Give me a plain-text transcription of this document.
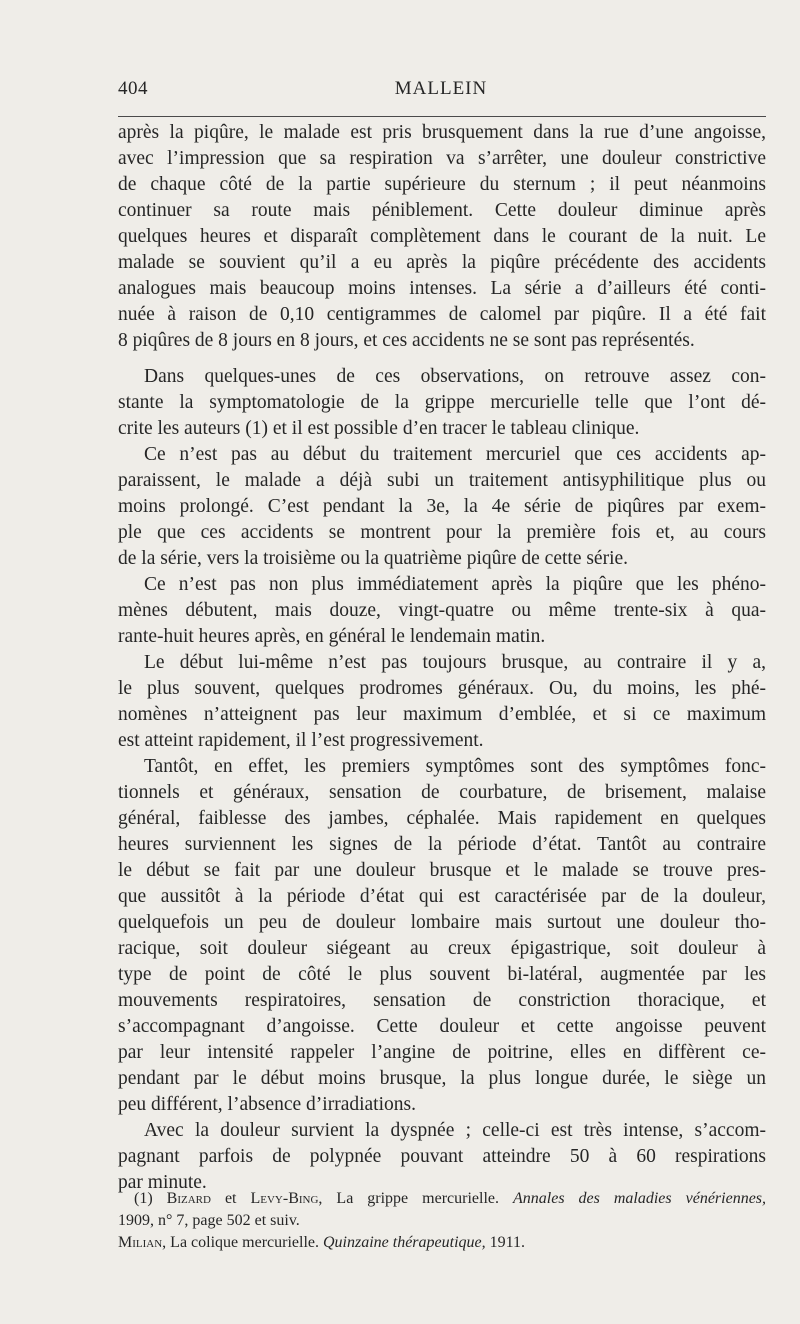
404	MALLEIN
après la piqûre, le malade est pris brusquement dans la rue d’une angoisse,
avec l’impression que sa respiration va s’arrêter, une douleur constrictive
de chaque côté de la partie supérieure du sternum ; il peut néanmoins
continuer sa route mais péniblement. Cette douleur diminue après
quelques heures et disparaît complètement dans le courant de la nuit. Le
malade se souvient qu’il a eu après la piqûre précédente des accidents
analogues mais beaucoup moins intenses. La série a d’ailleurs été conti-
nuée à raison de 0,10 centigrammes de calomel par piqûre. Il a été fait
8 piqûres de 8 jours en 8 jours, et ces accidents ne se sont pas représentés.
Dans quelques-unes de ces observations, on retrouve assez con-
stante la symptomatologie de la grippe mercurielle telle que l’ont dé-
crite les auteurs (1) et il est possible d’en tracer le tableau clinique.
Ce n’est pas au début du traitement mercuriel que ces accidents ap-
paraissent, le malade a déjà subi un traitement antisyphilitique plus ou
moins prolongé. C’est pendant la 3e, la 4e série de piqûres par exem-
ple que ces accidents se montrent pour la première fois et, au cours
de la série, vers la troisième ou la quatrième piqûre de cette série.
Ce n’est pas non plus immédiatement après la piqûre que les phéno-
mènes débutent, mais douze, vingt-quatre ou même trente-six à qua-
rante-huit heures après, en général le lendemain matin.
Le début lui-même n’est pas toujours brusque, au contraire il y a,
le plus souvent, quelques prodromes généraux. Ou, du moins, les phé-
nomènes n’atteignent pas leur maximum d’emblée, et si ce maximum
est atteint rapidement, il l’est progressivement.
Tantôt, en effet, les premiers symptômes sont des symptômes fonc-
tionnels et généraux, sensation de courbature, de brisement, malaise
général, faiblesse des jambes, céphalée. Mais rapidement en quelques
heures surviennent les signes de la période d’état. Tantôt au contraire
le début se fait par une douleur brusque et le malade se trouve pres-
que aussitôt à la période d’état qui est caractérisée par de la douleur,
quelquefois un peu de douleur lombaire mais surtout une douleur tho-
racique, soit douleur siégeant au creux épigastrique, soit douleur à
type de point de côté le plus souvent bi-latéral, augmentée par les
mouvements respiratoires, sensation de constriction thoracique, et
s’accompagnant d’angoisse. Cette douleur et cette angoisse peuvent
par leur intensité rappeler l’angine de poitrine, elles en diffèrent ce-
pendant par le début moins brusque, la plus longue durée, le siège un
peu différent, l’absence d’irradiations.
Avec la douleur survient la dyspnée ; celle-ci est très intense, s’accom-
pagnant parfois de polypnée pouvant atteindre 50 à 60 respirations
par minute.
(1) Bizard et Levy-Bing, La grippe mercurielle. Annales des maladies vénériennes,
1909, n° 7, page 502 et suiv.
Milian, La colique mercurielle. Quinzaine thérapeutique, 1911.
